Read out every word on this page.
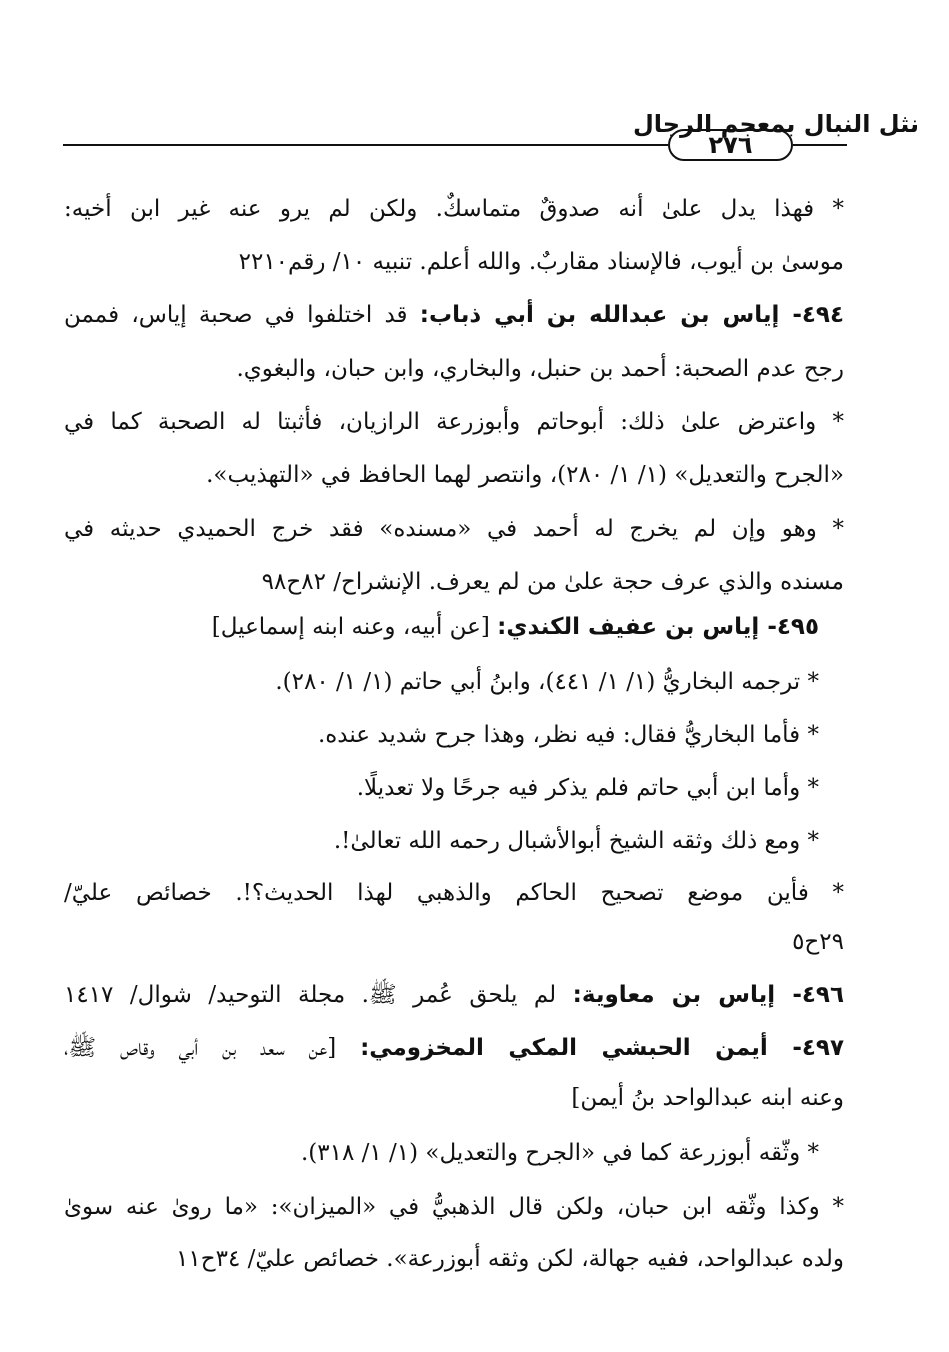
نثل النبال بمعجم الرجال
٢٧٦
* فهذا يدل علىٰ أنه صدوقٌ متماسكٌ. ولكن لم يرو عنه غير ابن أخيه:
موسىٰ بن أيوب، فالإسناد مقاربٌ. والله أعلم. تنبيه ١٠/ رقم٢٢١٠
٤٩٤- إياس بن عبدالله بن أبي ذباب: قد اختلفوا في صحبة إياس، فممن
رجح عدم الصحبة: أحمد بن حنبل، والبخاري، وابن حبان، والبغوي.
* واعترض علىٰ ذلك: أبوحاتم وأبوزرعة الرازيان، فأثبتا له الصحبة كما في
«الجرح والتعديل» (١/ ١/ ٢٨٠)، وانتصر لهما الحافظ في «التهذيب».
* وهو وإن لم يخرج له أحمد في «مسنده» فقد خرج الحميدي حديثه في
مسنده والذي عرف حجة علىٰ من لم يعرف. الإنشراح/ ٨٢ح٩٨
٤٩٥- إياس بن عفيف الكندي: [عن أبيه، وعنه ابنه إسماعيل]
* ترجمه البخاريُّ (١/ ١/ ٤٤١)، وابنُ أبي حاتم (١/ ١/ ٢٨٠).
* فأما البخاريُّ فقال: فيه نظر، وهذا جرح شديد عنده.
* وأما ابن أبي حاتم فلم يذكر فيه جرحًا ولا تعديلًا.
* ومع ذلك وثقه الشيخ أبوالأشبال رحمه الله تعالىٰ!.
* فأين موضع تصحيح الحاكم والذهبي لهذا الحديث؟!. خصائص عليّ/
٢٩ح٥
٤٩٦- إياس بن معاوية: لم يلحق عُمر ﷺ. مجلة التوحيد/ شوال/ ١٤١٧
٤٩٧- أيمن الحبشي المكي المخزومي: [عن سعد بن أبي وقاص ﷺ،
وعنه ابنه عبدالواحد بنُ أيمن]
* وثّقه أبوزرعة كما في «الجرح والتعديل» (١/ ١/ ٣١٨).
* وكذا وثّقه ابن حبان، ولكن قال الذهبيُّ في «الميزان»: «ما روىٰ عنه سوىٰ
ولده عبدالواحد، ففيه جهالة، لكن وثقه أبوزرعة». خصائص عليّ/ ٣٤ح١١
